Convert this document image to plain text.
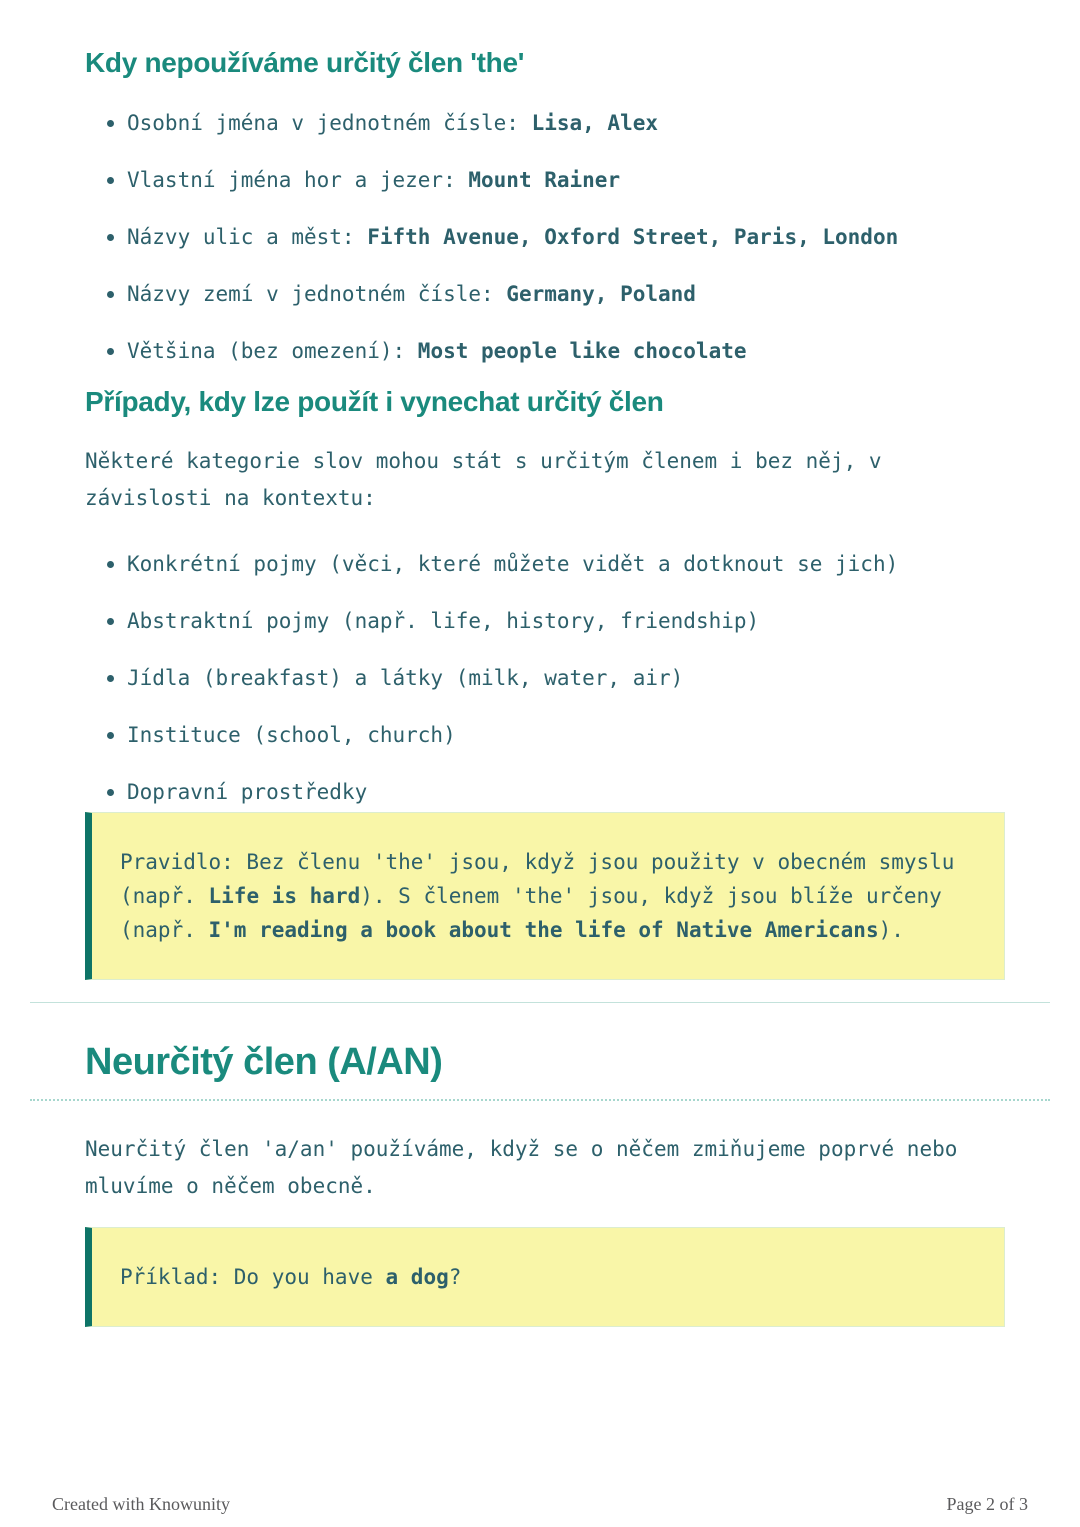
Kdy nepoužíváme určitý člen 'the'
Osobní jména v jednotném čísle: Lisa, Alex
Vlastní jména hor a jezer: Mount Rainer
Názvy ulic a měst: Fifth Avenue, Oxford Street, Paris, London
Názvy zemí v jednotném čísle: Germany, Poland
Většina (bez omezení): Most people like chocolate
Případy, kdy lze použít i vynechat určitý člen

Některé kategorie slov mohou stát s určitým členem i bez něj, v závislosti na kontextu:

Konkrétní pojmy (věci, které můžete vidět a dotknout se jich)
Abstraktní pojmy (např. life, history, friendship)
Jídla (breakfast) a látky (milk, water, air)
Instituce (school, church)
Dopravní prostředky

Pravidlo: Bez členu 'the' jsou, když jsou použity v obecném smyslu (např. Life is hard). S členem 'the' jsou, když jsou blíže určeny (např. I'm reading a book about the life of Native Americans).

Neurčitý člen (A/AN)

Neurčitý člen 'a/an' používáme, když se o něčem zmiňujeme poprvé nebo mluvíme o něčem obecně.

Příklad: Do you have a dog?

Created with Knowunity	Page 2 of 3
